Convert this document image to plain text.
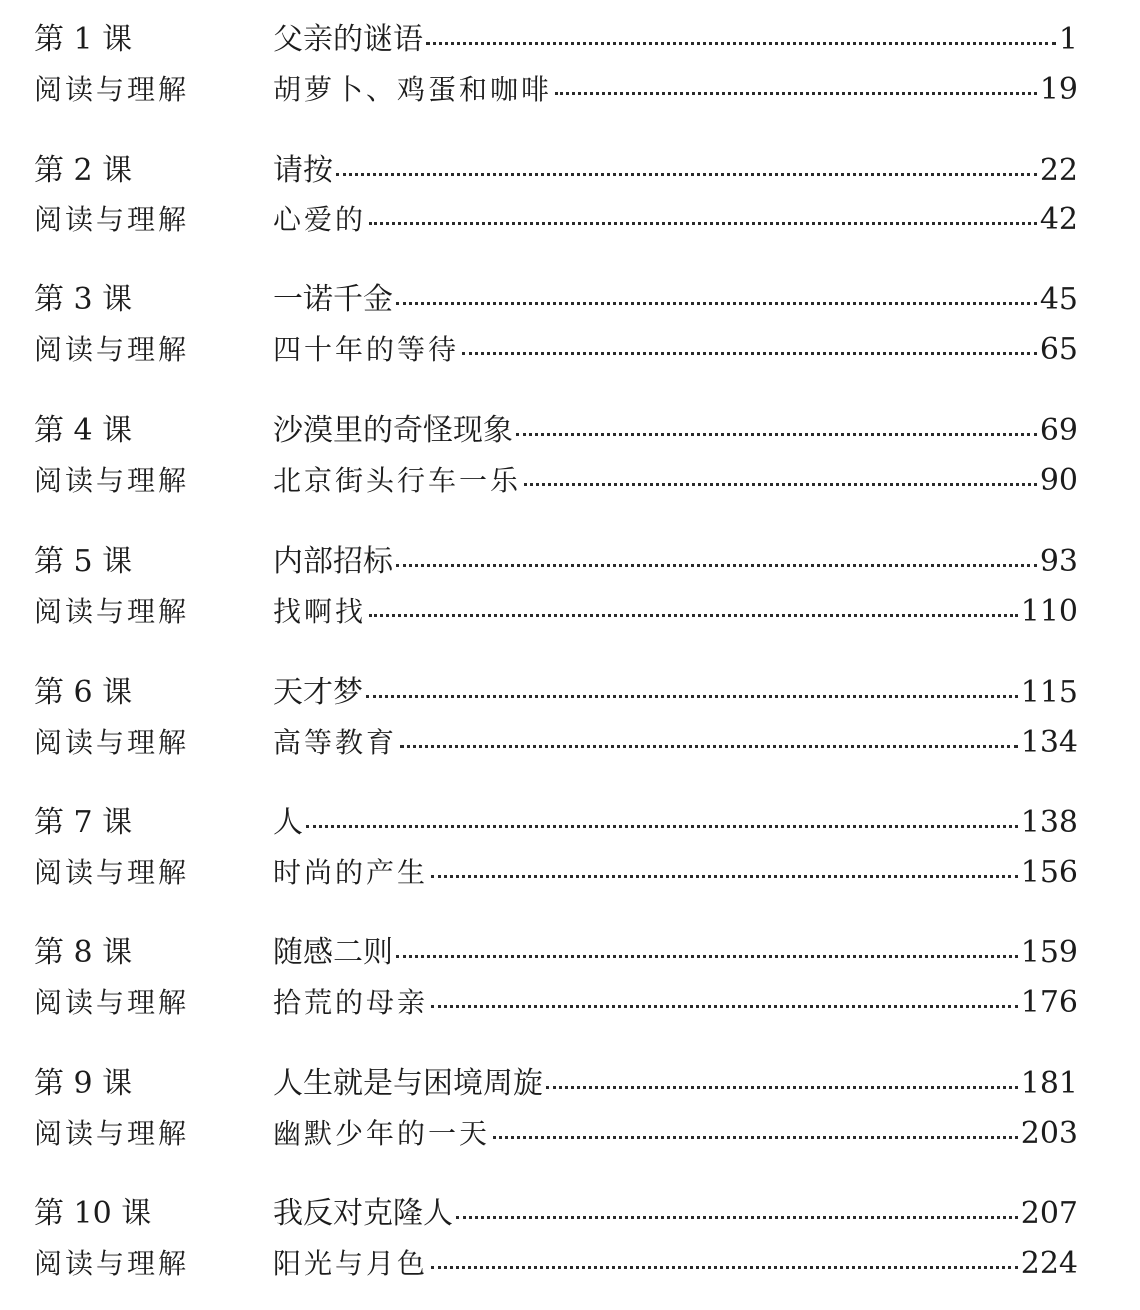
第 1 课	父亲的谜语	1
阅读与理解	胡萝卜、鸡蛋和咖啡	19
第 2 课	请按	22
阅读与理解	心爱的	42
第 3 课	一诺千金	45
阅读与理解	四十年的等待	65
第 4 课	沙漠里的奇怪现象	69
阅读与理解	北京街头行车一乐	90
第 5 课	内部招标	93
阅读与理解	找啊找	110
第 6 课	天才梦	115
阅读与理解	高等教育	134
第 7 课	人	138
阅读与理解	时尚的产生	156
第 8 课	随感二则	159
阅读与理解	拾荒的母亲	176
第 9 课	人生就是与困境周旋	181
阅读与理解	幽默少年的一天	203
第 10 课	我反对克隆人	207
阅读与理解	阳光与月色	224
